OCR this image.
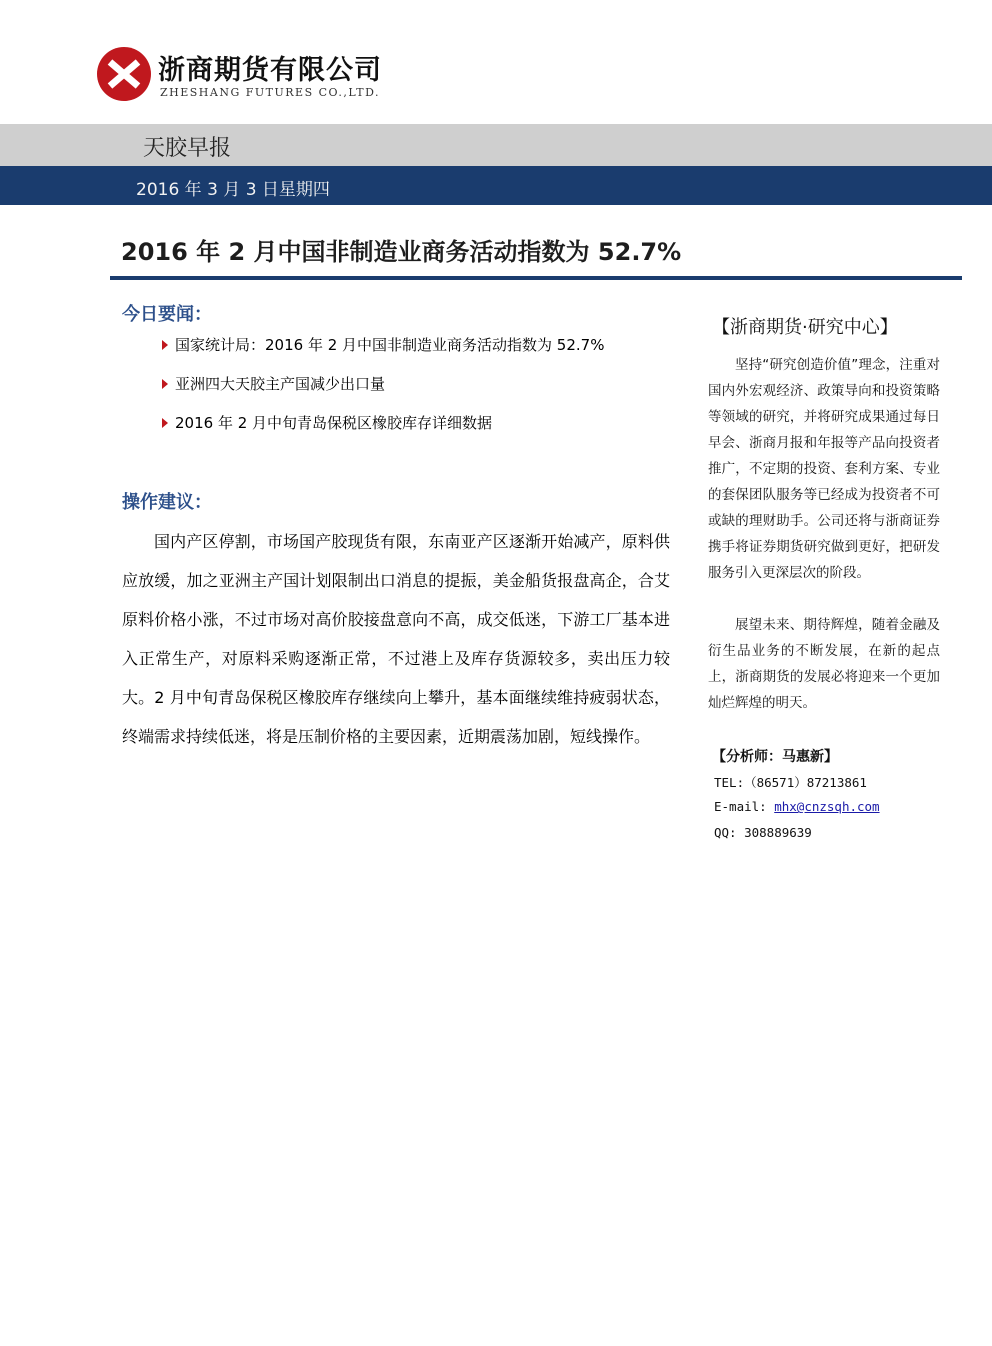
浙商期货有限公司
ZHESHANG FUTURES CO.,LTD.
天胶早报
2016 年 3 月 3 日星期四
2016 年 2 月中国非制造业商务活动指数为 52.7%
今日要闻：
国家统计局：2016 年 2 月中国非制造业商务活动指数为 52.7%
亚洲四大天胶主产国减少出口量
2016 年 2 月中旬青岛保税区橡胶库存详细数据
操作建议：

国内产区停割，市场国产胶现货有限，东南亚产区逐渐开始减产，原料供应放缓，加之亚洲主产国计划限制出口消息的提振，美金船货报盘高企，合艾原料价格小涨，不过市场对高价胶接盘意向不高，成交低迷，下游工厂基本进入正常生产，对原料采购逐渐正常，不过港上及库存货源较多，卖出压力较大。2 月中旬青岛保税区橡胶库存继续向上攀升，基本面继续维持疲弱状态，终端需求持续低迷，将是压制价格的主要因素，近期震荡加剧，短线操作。

【浙商期货·研究中心】

坚持“研究创造价值”理念，注重对国内外宏观经济、政策导向和投资策略等领域的研究，并将研究成果通过每日早会、浙商月报和年报等产品向投资者推广，不定期的投资、套利方案、专业的套保团队服务等已经成为投资者不可或缺的理财助手。公司还将与浙商证券携手将证券期货研究做到更好，把研发服务引入更深层次的阶段。

展望未来、期待辉煌，随着金融及衍生品业务的不断发展，在新的起点上，浙商期货的发展必将迎来一个更加灿烂辉煌的明天。

【分析师：马惠新】
TEL:（86571）87213861
E-mail: mhx@cnzsqh.com
QQ: 308889639
